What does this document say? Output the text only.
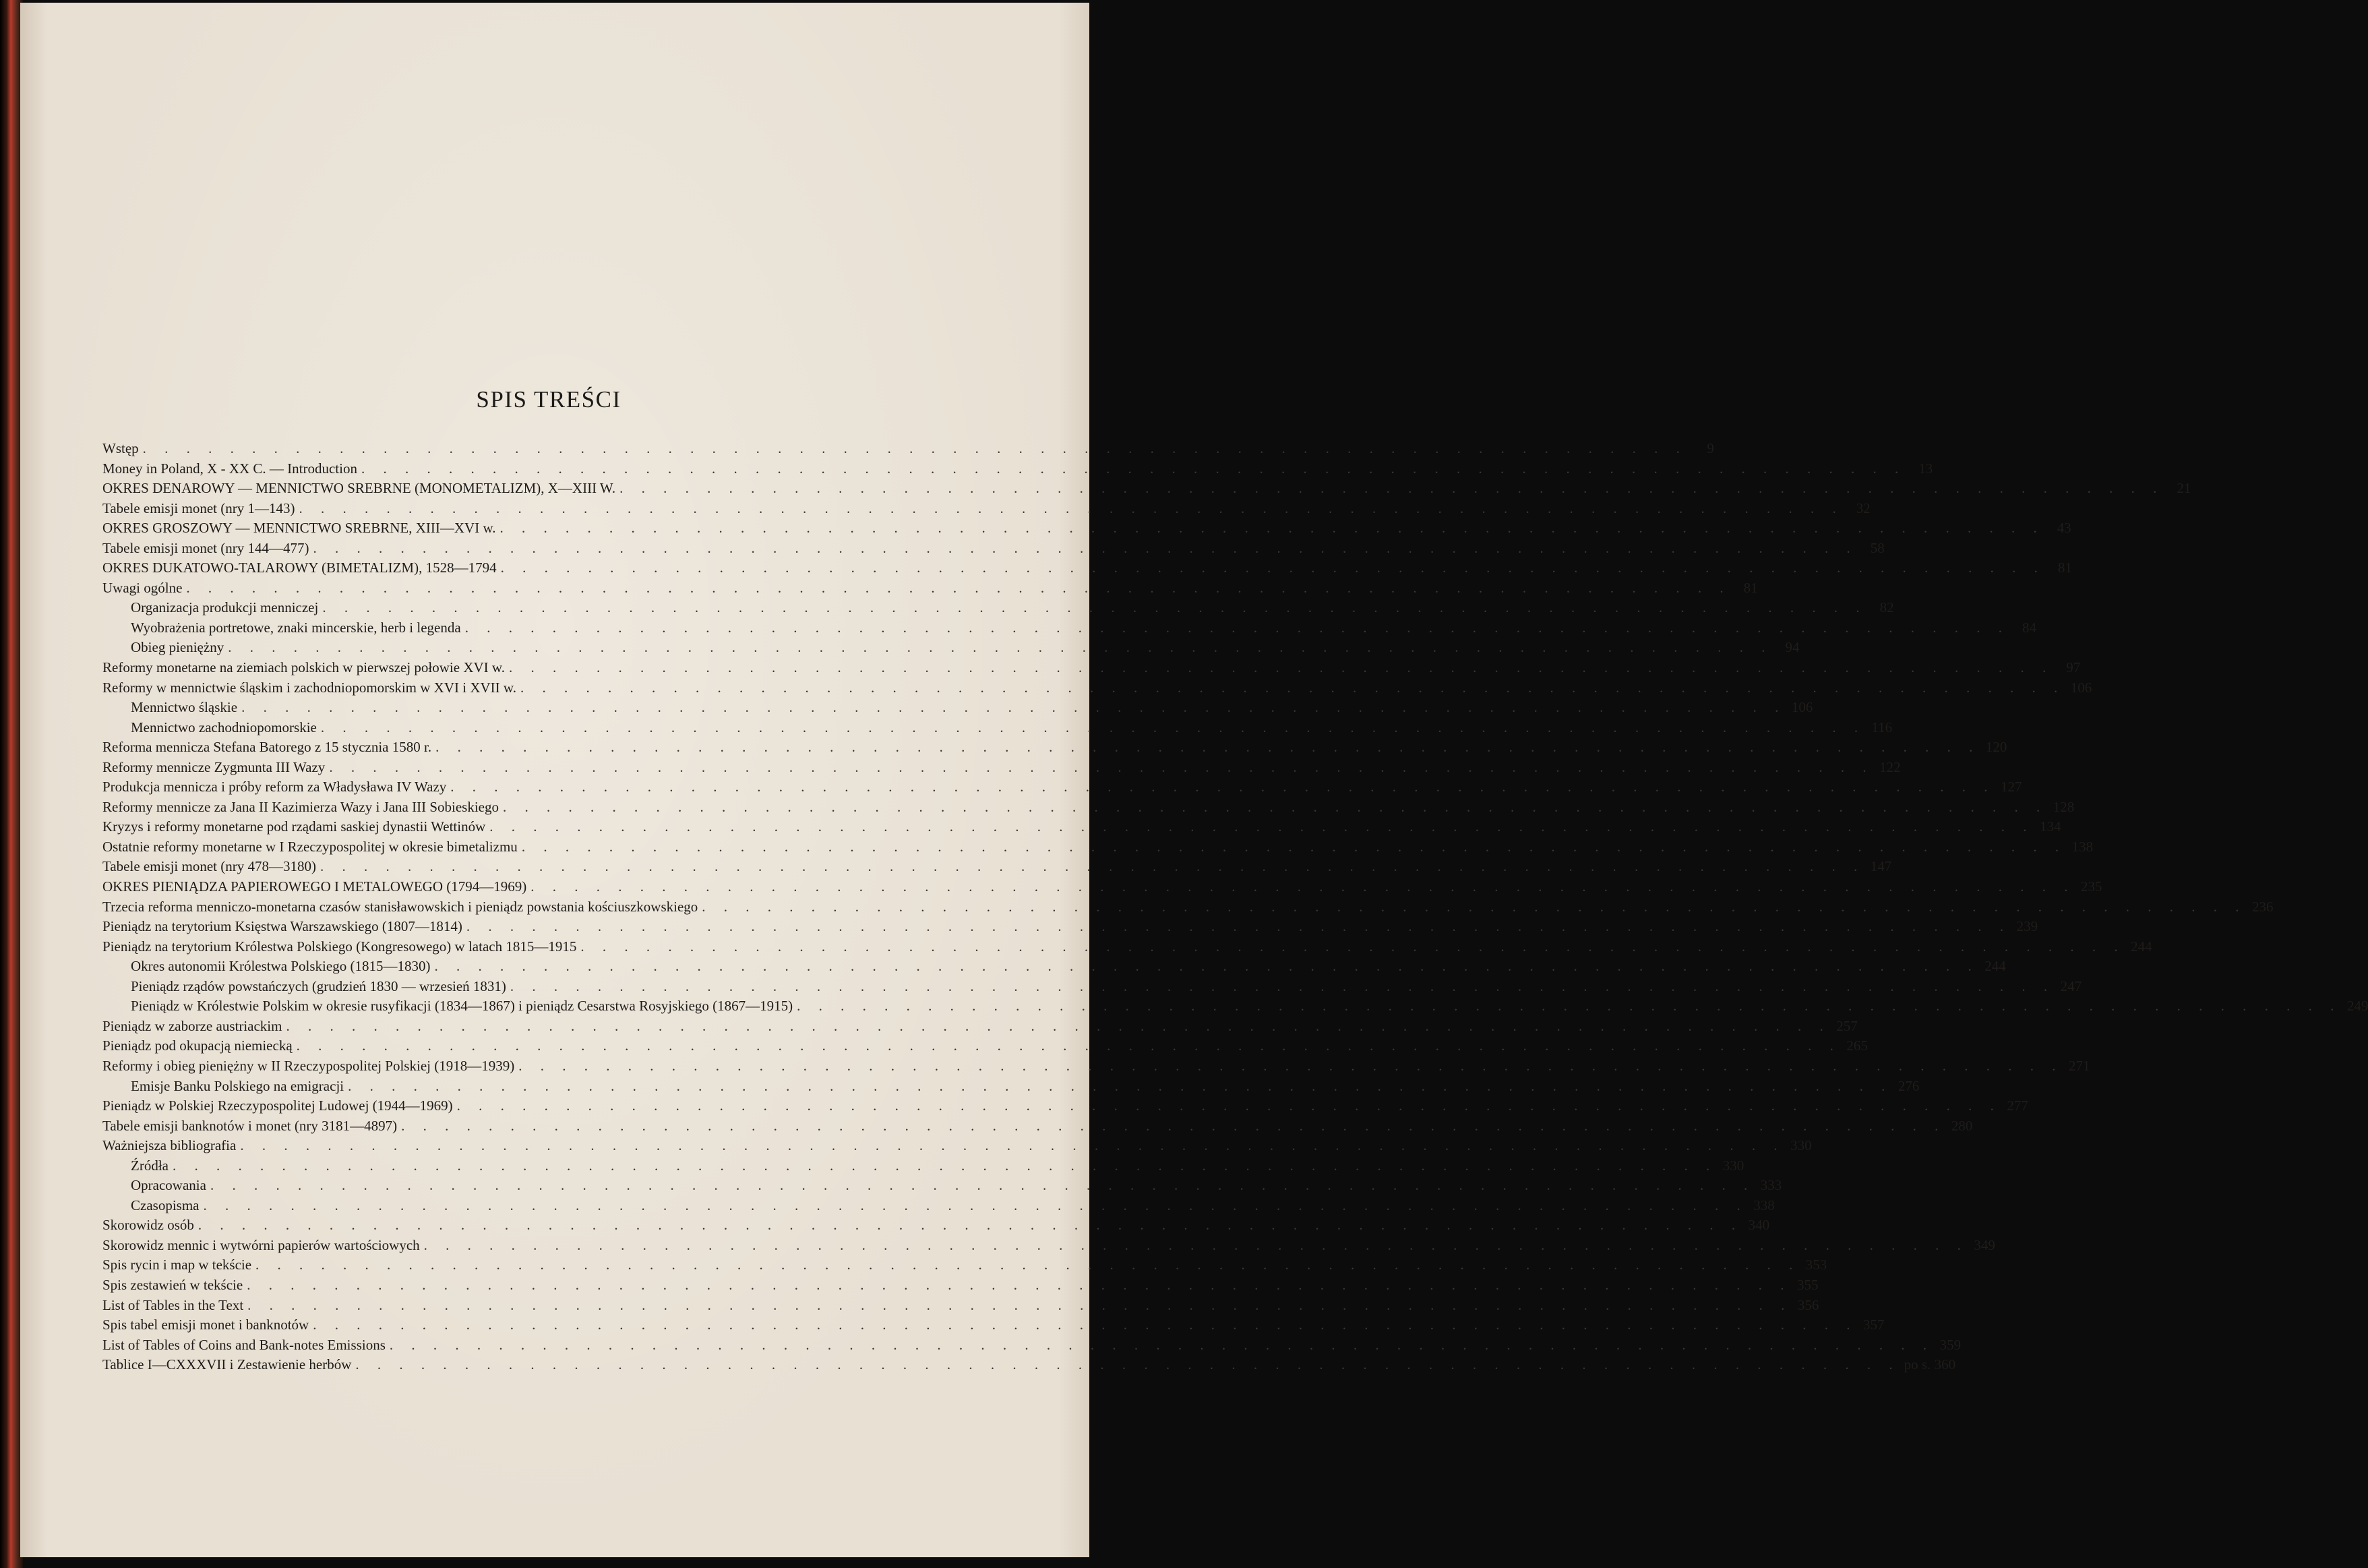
SPIS TREŚCI
Wstęp . . . . . . . . . . . . . . . . . . . . . . . . . . . . . . . . . . . . . . . . . . . . . . . . . . . . . . . . . . . . . . . . . . . . . . .	9
Money in Poland, X - XX C. — Introduction . . . . . . . . . . . . . . . . . . . . . . . . . . . . . . . . . . . . . . . . . . . . . . . . . . . . . . . . . . . . . . . . . . . . . . . 13
OKRES DENAROWY — MENNICTWO SREBRNE (MONOMETALIZM), X—XIII W. . . . . . . . . . . . . . . . . . . . . . . . . . . . . . . . . . . . . . . . . . . . . . . . . . . . . . . . . . . . . . . . . . . . . . . . 21
Tabele emisji monet (nry 1—143) . . . . . . . . . . . . . . . . . . . . . . . . . . . . . . . . . . . . . . . . . . . . . . . . . . . . . . . . . . . . . . . . . . . . . . . 32
OKRES GROSZOWY — MENNICTWO SREBRNE, XIII—XVI w. . . . . . . . . . . . . . . . . . . . . . . . . . . . . . . . . . . . . . . . . . . . . . . . . . . . . . . . . . . . . . . . . . . . . . . . 43
Tabele emisji monet (nry 144—477) . . . . . . . . . . . . . . . . . . . . . . . . . . . . . . . . . . . . . . . . . . . . . . . . . . . . . . . . . . . . . . . . . . . . . . . 58
OKRES DUKATOWO-TALAROWY (BIMETALIZM), 1528—1794 . . . . . . . . . . . . . . . . . . . . . . . . . . . . . . . . . . . . . . . . . . . . . . . . . . . . . . . . . . . . . . . . . . . . . . . 81
Uwagi ogólne . . . . . . . . . . . . . . . . . . . . . . . . . . . . . . . . . . . . . . . . . . . . . . . . . . . . . . . . . . . . . . . . . . . . . . . 81
Organizacja produkcji menniczej . . . . . . . . . . . . . . . . . . . . . . . . . . . . . . . . . . . . . . . . . . . . . . . . . . . . . . . . . . . . . . . . . . . . . . . 82
Wyobrażenia portretowe, znaki mincerskie, herb i legenda . . . . . . . . . . . . . . . . . . . . . . . . . . . . . . . . . . . . . . . . . . . . . . . . . . . . . . . . . . . . . . . . . . . . . . . 84
Obieg pieniężny . . . . . . . . . . . . . . . . . . . . . . . . . . . . . . . . . . . . . . . . . . . . . . . . . . . . . . . . . . . . . . . . . . . . . . . 94
Reformy monetarne na ziemiach polskich w pierwszej połowie XVI w. . . . . . . . . . . . . . . . . . . . . . . . . . . . . . . . . . . . . . . . . . . . . . . . . . . . . . . . . . . . . . . . . . . . . . . . 97
Reformy w mennictwie śląskim i zachodniopomorskim w XVI i XVII w. . . . . . . . . . . . . . . . . . . . . . . . . . . . . . . . . . . . . . . . . . . . . . . . . . . . . . . . . . . . . . . . . . . . . . . . 106
Mennictwo śląskie . . . . . . . . . . . . . . . . . . . . . . . . . . . . . . . . . . . . . . . . . . . . . . . . . . . . . . . . . . . . . . . . . . . . . . . 106
Mennictwo zachodniopomorskie . . . . . . . . . . . . . . . . . . . . . . . . . . . . . . . . . . . . . . . . . . . . . . . . . . . . . . . . . . . . . . . . . . . . . . . 116
Reforma mennicza Stefana Batorego z 15 stycznia 1580 r. . . . . . . . . . . . . . . . . . . . . . . . . . . . . . . . . . . . . . . . . . . . . . . . . . . . . . . . . . . . . . . . . . . . . . . . 120
Reformy mennicze Zygmunta III Wazy . . . . . . . . . . . . . . . . . . . . . . . . . . . . . . . . . . . . . . . . . . . . . . . . . . . . . . . . . . . . . . . . . . . . . . . 122
Produkcja mennicza i próby reform za Władysława IV Wazy . . . . . . . . . . . . . . . . . . . . . . . . . . . . . . . . . . . . . . . . . . . . . . . . . . . . . . . . . . . . . . . . . . . . . . . 127
Reformy mennicze za Jana II Kazimierza Wazy i Jana III Sobieskiego . . . . . . . . . . . . . . . . . . . . . . . . . . . . . . . . . . . . . . . . . . . . . . . . . . . . . . . . . . . . . . . . . . . . . . . 128
Kryzys i reformy monetarne pod rządami saskiej dynastii Wettinów . . . . . . . . . . . . . . . . . . . . . . . . . . . . . . . . . . . . . . . . . . . . . . . . . . . . . . . . . . . . . . . . . . . . . . . 134
Ostatnie reformy monetarne w I Rzeczypospolitej w okresie bimetalizmu . . . . . . . . . . . . . . . . . . . . . . . . . . . . . . . . . . . . . . . . . . . . . . . . . . . . . . . . . . . . . . . . . . . . . . . 138
Tabele emisji monet (nry 478—3180) . . . . . . . . . . . . . . . . . . . . . . . . . . . . . . . . . . . . . . . . . . . . . . . . . . . . . . . . . . . . . . . . . . . . . . . 147
OKRES PIENIĄDZA PAPIEROWEGO I METALOWEGO (1794—1969) . . . . . . . . . . . . . . . . . . . . . . . . . . . . . . . . . . . . . . . . . . . . . . . . . . . . . . . . . . . . . . . . . . . . . . . 235
Trzecia reforma menniczo-monetarna czasów stanisławowskich i pieniądz powstania kościuszkowskiego . . . . . . . . . . . . . . . . . . . . . . . . . . . . . . . . . . . . . . . . . . . . . . . . . . . . . . . . . . . . . . . . . . . . . . . 236
Pieniądz na terytorium Księstwa Warszawskiego (1807—1814) . . . . . . . . . . . . . . . . . . . . . . . . . . . . . . . . . . . . . . . . . . . . . . . . . . . . . . . . . . . . . . . . . . . . . . . 239
Pieniądz na terytorium Królestwa Polskiego (Kongresowego) w latach 1815—1915 . . . . . . . . . . . . . . . . . . . . . . . . . . . . . . . . . . . . . . . . . . . . . . . . . . . . . . . . . . . . . . . . . . . . . . . 244
Okres autonomii Królestwa Polskiego (1815—1830) . . . . . . . . . . . . . . . . . . . . . . . . . . . . . . . . . . . . . . . . . . . . . . . . . . . . . . . . . . . . . . . . . . . . . . . 244
Pieniądz rządów powstańczych (grudzień 1830 — wrzesień 1831) . . . . . . . . . . . . . . . . . . . . . . . . . . . . . . . . . . . . . . . . . . . . . . . . . . . . . . . . . . . . . . . . . . . . . . . 247
Pieniądz w Królestwie Polskim w okresie rusyfikacji (1834—1867) i pieniądz Cesarstwa Rosyjskiego (1867—1915) . . . . . . . . . . . . . . . . . . . . . . . . . . . . . . . . . . . . . . . . . . . . . . . . . . . . . . . . . . . . . . . . . . . . . . . 249
Pieniądz w zaborze austriackim . . . . . . . . . . . . . . . . . . . . . . . . . . . . . . . . . . . . . . . . . . . . . . . . . . . . . . . . . . . . . . . . . . . . . . . 257
Pieniądz pod okupacją niemiecką . . . . . . . . . . . . . . . . . . . . . . . . . . . . . . . . . . . . . . . . . . . . . . . . . . . . . . . . . . . . . . . . . . . . . . . 265
Reformy i obieg pieniężny w II Rzeczypospolitej Polskiej (1918—1939) . . . . . . . . . . . . . . . . . . . . . . . . . . . . . . . . . . . . . . . . . . . . . . . . . . . . . . . . . . . . . . . . . . . . . . . 271
Emisje Banku Polskiego na emigracji . . . . . . . . . . . . . . . . . . . . . . . . . . . . . . . . . . . . . . . . . . . . . . . . . . . . . . . . . . . . . . . . . . . . . . . 276
Pieniądz w Polskiej Rzeczypospolitej Ludowej (1944—1969) . . . . . . . . . . . . . . . . . . . . . . . . . . . . . . . . . . . . . . . . . . . . . . . . . . . . . . . . . . . . . . . . . . . . . . . 277
Tabele emisji banknotów i monet (nry 3181—4897) . . . . . . . . . . . . . . . . . . . . . . . . . . . . . . . . . . . . . . . . . . . . . . . . . . . . . . . . . . . . . . . . . . . . . . . 280
Ważniejsza bibliografia . . . . . . . . . . . . . . . . . . . . . . . . . . . . . . . . . . . . . . . . . . . . . . . . . . . . . . . . . . . . . . . . . . . . . . . 330
Źródła . . . . . . . . . . . . . . . . . . . . . . . . . . . . . . . . . . . . . . . . . . . . . . . . . . . . . . . . . . . . . . . . . . . . . . . 330
Opracowania . . . . . . . . . . . . . . . . . . . . . . . . . . . . . . . . . . . . . . . . . . . . . . . . . . . . . . . . . . . . . . . . . . . . . . . 333
Czasopisma . . . . . . . . . . . . . . . . . . . . . . . . . . . . . . . . . . . . . . . . . . . . . . . . . . . . . . . . . . . . . . . . . . . . . . . 338
Skorowidz osób . . . . . . . . . . . . . . . . . . . . . . . . . . . . . . . . . . . . . . . . . . . . . . . . . . . . . . . . . . . . . . . . . . . . . . . 340
Skorowidz mennic i wytwórni papierów wartościowych . . . . . . . . . . . . . . . . . . . . . . . . . . . . . . . . . . . . . . . . . . . . . . . . . . . . . . . . . . . . . . . . . . . . . . . 349
Spis rycin i map w tekście . . . . . . . . . . . . . . . . . . . . . . . . . . . . . . . . . . . . . . . . . . . . . . . . . . . . . . . . . . . . . . . . . . . . . . . 353
Spis zestawień w tekście . . . . . . . . . . . . . . . . . . . . . . . . . . . . . . . . . . . . . . . . . . . . . . . . . . . . . . . . . . . . . . . . . . . . . . . 355
List of Tables in the Text . . . . . . . . . . . . . . . . . . . . . . . . . . . . . . . . . . . . . . . . . . . . . . . . . . . . . . . . . . . . . . . . . . . . . . . 356
Spis tabel emisji monet i banknotów . . . . . . . . . . . . . . . . . . . . . . . . . . . . . . . . . . . . . . . . . . . . . . . . . . . . . . . . . . . . . . . . . . . . . . . 357
List of Tables of Coins and Bank-notes Emissions . . . . . . . . . . . . . . . . . . . . . . . . . . . . . . . . . . . . . . . . . . . . . . . . . . . . . . . . . . . . . . . . . . . . . . . 359
Tablice I—CXXXVII i Zestawienie herbów . . . . . . . . . . . . . . . . . . . . . . . . . . . . . . . . . . . . . . . . . . . . . . . . . . . . . . . . . . . . . . . . . . . . . . . po s. 360
